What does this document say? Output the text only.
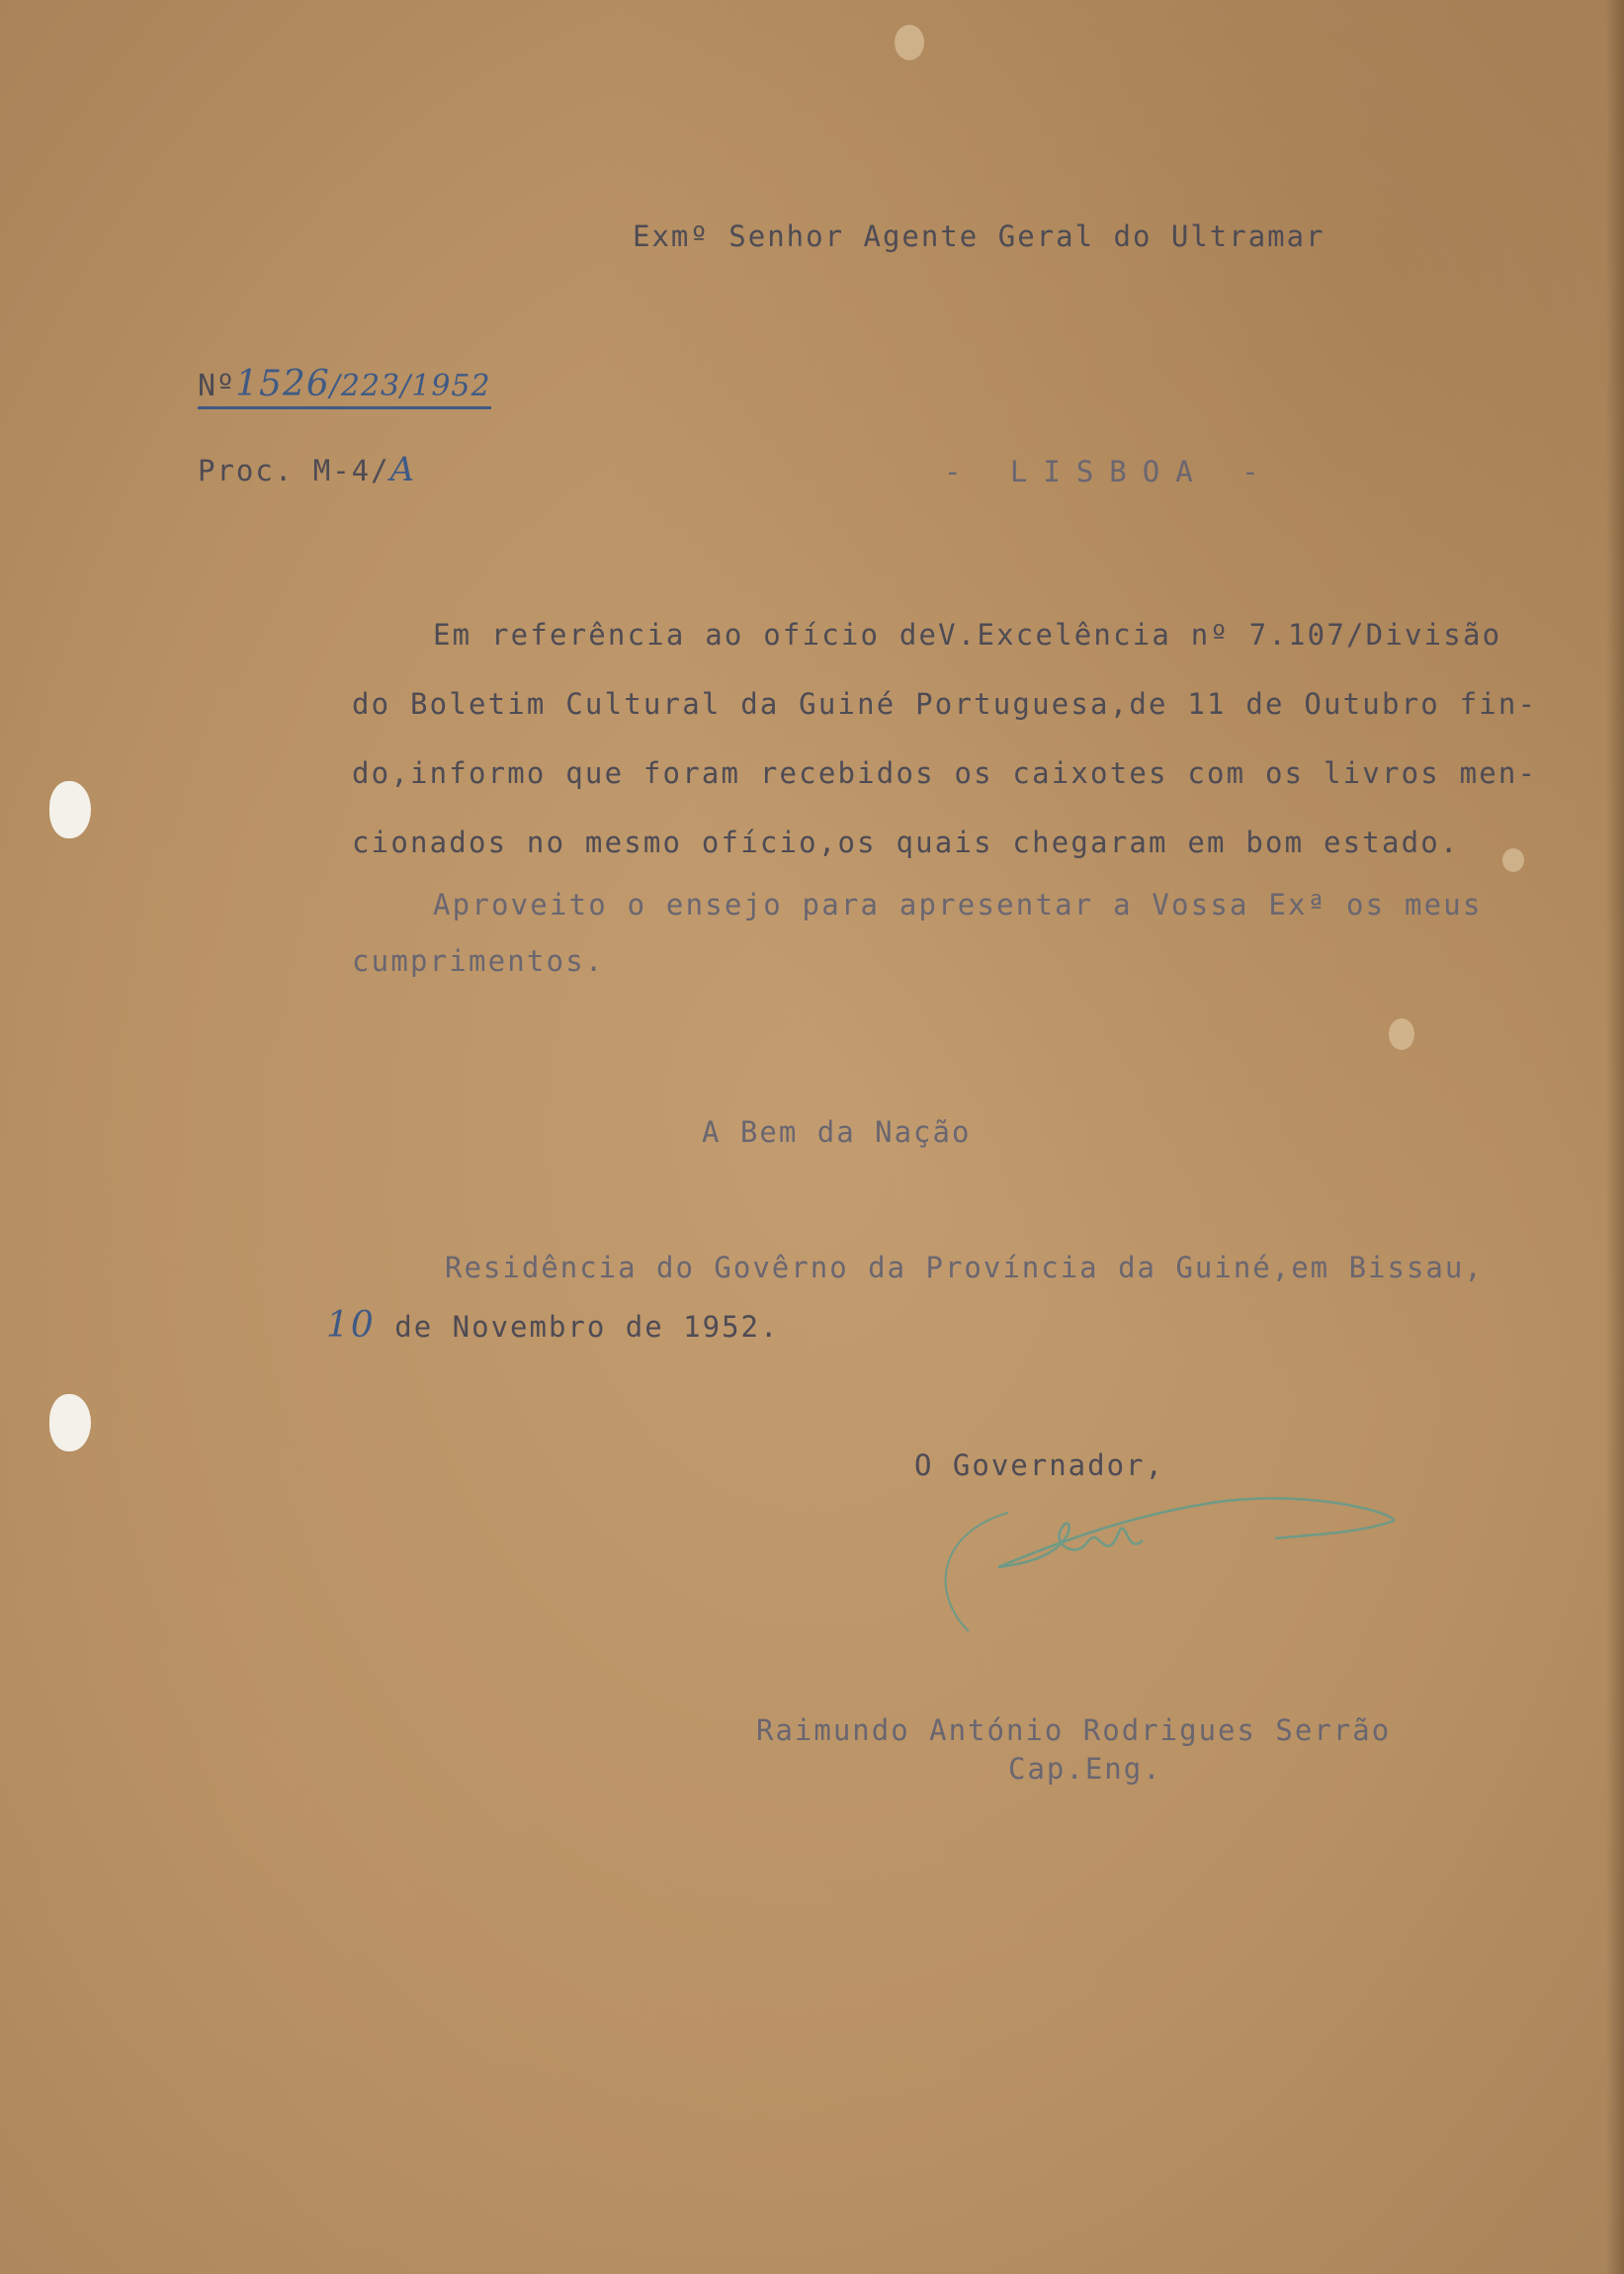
Exmº Senhor Agente Geral do Ultramar
Nº1526/223/1952
Proc. M-4/A	- LISBOA -
Em referência ao ofício deV.Excelência nº 7.107/Divisão
do Boletim Cultural da Guiné Portuguesa,de 11 de Outubro fin-
do,informo que foram recebidos os caixotes com os livros men-
cionados no mesmo ofício,os quais chegaram em bom estado.
Aproveito o ensejo para apresentar a Vossa Exª os meus
cumprimentos.
A Bem da Nação
Residência do Govêrno da Província da Guiné,em Bissau,
10 de Novembro de 1952.
O Governador,
Raimundo António Rodrigues Serrão
Cap.Eng.
